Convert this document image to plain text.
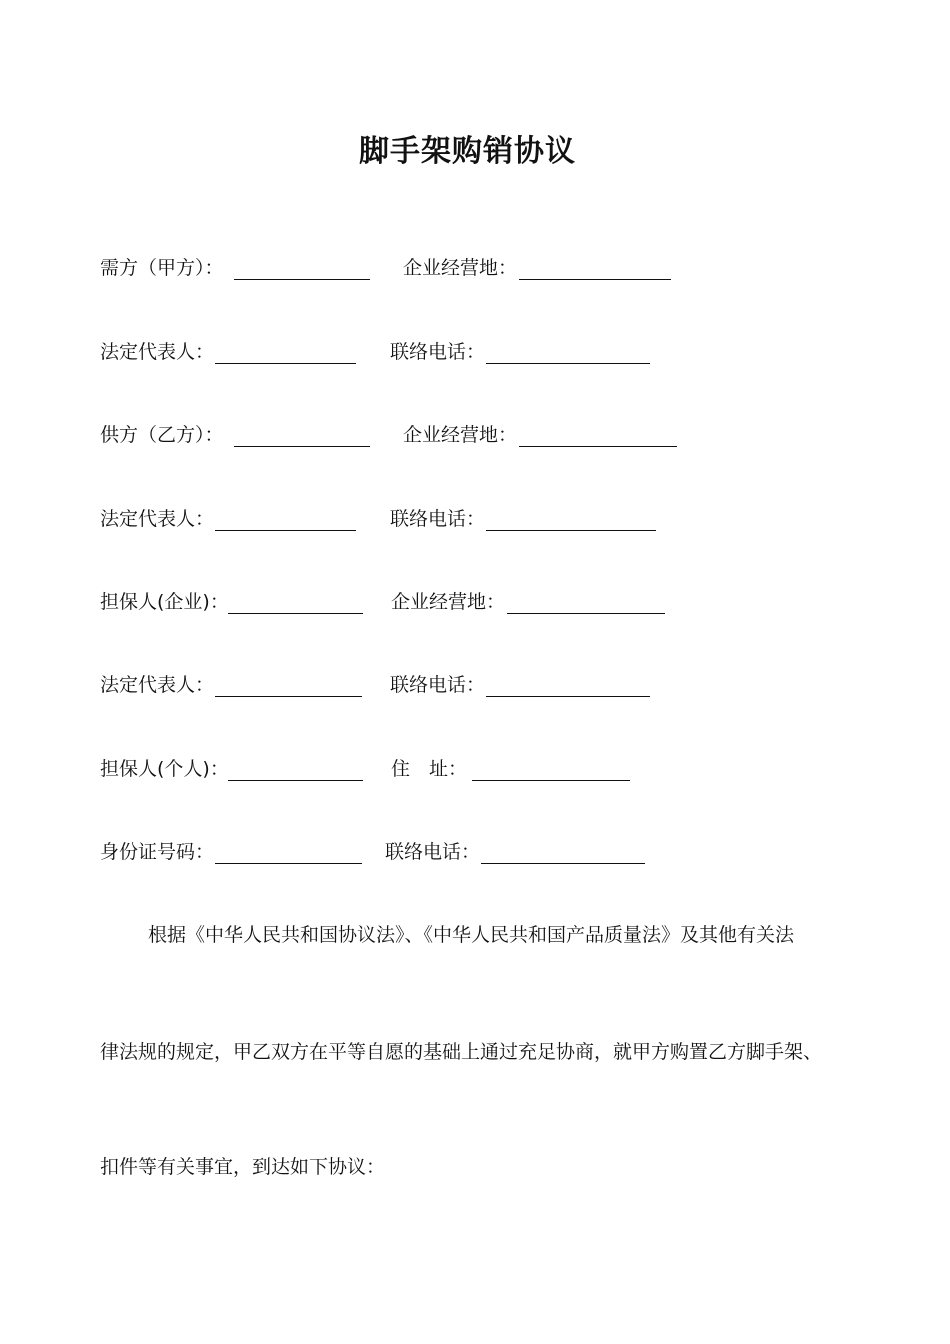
脚手架购销协议
需方（甲方）：	企业经营地：
法定代表人：	联络电话：
供方（乙方）：	企业经营地：
法定代表人：	联络电话：
担保人(企业)：	企业经营地：
法定代表人：	联络电话：
担保人(个人)：	住　址：
身份证号码：	联络电话：
根据《中华人民共和国协议法》、《中华人民共和国产品质量法》及其他有关法
律法规的规定，甲乙双方在平等自愿的基础上通过充足协商，就甲方购置乙方脚手架、
扣件等有关事宜，到达如下协议：
